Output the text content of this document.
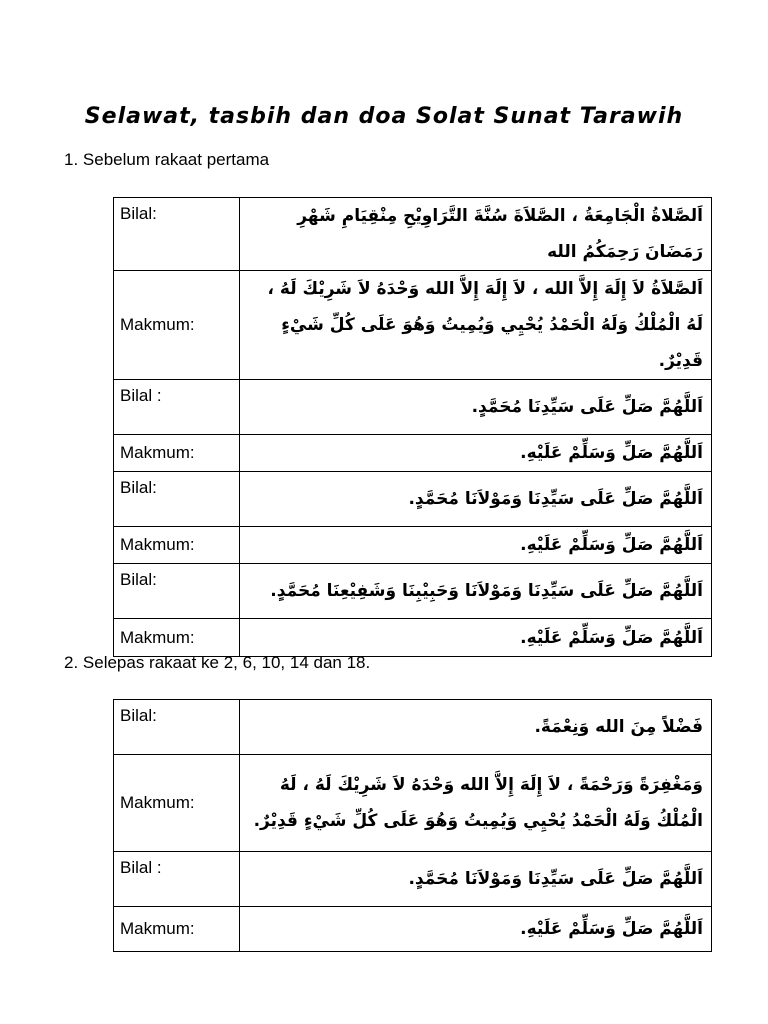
Selawat, tasbih dan doa Solat Sunat Tarawih
1. Sebelum rakaat pertama
Bilal:	اَلصَّلاةُ الْجَامِعَةُ ، الصَّلاَةَ سُنَّةَ التَّرَاوِيْحِ مِنْقِيَامِ شَهْرِ رَمَضَانَ رَحِمَكُمُ الله
Makmum:	اَلصَّلاَةُ لاَ إِلَهَ إِلاَّ الله ، لاَ إِلَهَ إِلاَّ الله وَحْدَهُ لاَ شَرِيْكَ لَهُ ، لَهُ الْمُلْكُ وَلَهُ الْحَمْدُ يُحْيِي وَيُمِيتُ وَهُوَ عَلَى كُلِّ شَيْءٍ قَدِيْرٌ.
Bilal :	اَللَّهُمَّ صَلِّ عَلَى سَيِّدِنَا مُحَمَّدٍ.
Makmum:	اَللَّهُمَّ صَلِّ وَسَلِّمْ عَلَيْهِ.
Bilal:	اَللَّهُمَّ صَلِّ عَلَى سَيِّدِنَا وَمَوْلاَنَا مُحَمَّدٍ.
Makmum:	اَللَّهُمَّ صَلِّ وَسَلِّمْ عَلَيْهِ.
Bilal:	اَللَّهُمَّ صَلِّ عَلَى سَيِّدِنَا وَمَوْلاَنَا وَحَبِيْبِنَا وَشَفِيْعِنَا مُحَمَّدٍ.
Makmum:	اَللَّهُمَّ صَلِّ وَسَلِّمْ عَلَيْهِ.
2. Selepas rakaat ke 2, 6, 10, 14 dan 18.
Bilal:	فَضْلاً مِنَ الله وَنِعْمَةً.
Makmum:	وَمَغْفِرَةً وَرَحْمَةً ، لاَ إِلَهَ إِلاَّ الله وَحْدَهُ لاَ شَرِيْكَ لَهُ ، لَهُ الْمُلْكُ وَلَهُ الْحَمْدُ يُحْيِي وَيُمِيتُ وَهُوَ عَلَى كُلِّ شَيْءٍ قَدِيْرٌ.
Bilal :	اَللَّهُمَّ صَلِّ عَلَى سَيِّدِنَا وَمَوْلاَنَا مُحَمَّدٍ.
Makmum:	اَللَّهُمَّ صَلِّ وَسَلِّمْ عَلَيْهِ.
